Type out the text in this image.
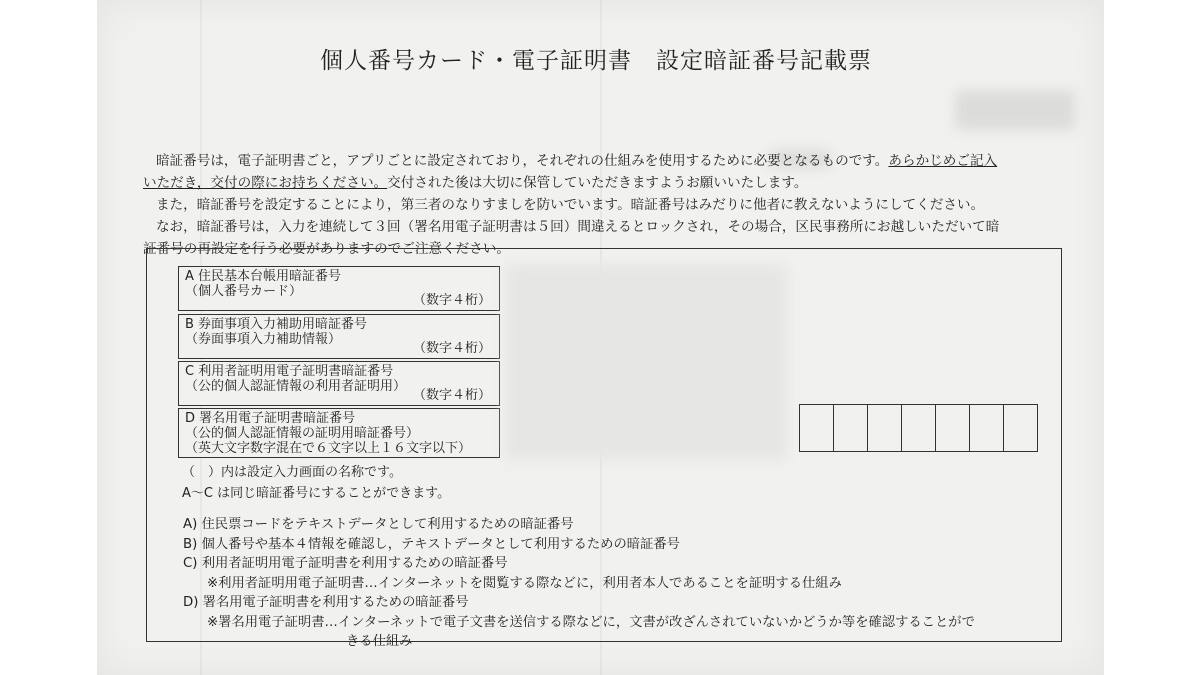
個人番号カード・電子証明書　設定暗証番号記載票

暗証番号は，電子証明書ごと，アプリごとに設定されており，それぞれの仕組みを使用するために必要となるものです。あらかじめご記入

いただき，交付の際にお持ちください。交付された後は大切に保管していただきますようお願いいたします。

また，暗証番号を設定することにより，第三者のなりすましを防いでいます。暗証番号はみだりに他者に教えないようにしてください。

なお，暗証番号は，入力を連続して３回（署名用電子証明書は５回）間違えるとロックされ，その場合，区民事務所にお越しいただいて暗

証番号の再設定を行う必要がありますのでご注意ください。

A 住民基本台帳用暗証番号
（個人番号カード）
（数字４桁）
B 券面事項入力補助用暗証番号
（券面事項入力補助情報）
（数字４桁）
C 利用者証明用電子証明書暗証番号
（公的個人認証情報の利用者証明用）
（数字４桁）
D 署名用電子証明書暗証番号
（公的個人認証情報の証明用暗証番号）
（英大文字数字混在で６文字以上１６文字以下）
（　）内は設定入力画面の名称です。
A〜C は同じ暗証番号にすることができます。
A) 住民票コードをテキストデータとして利用するための暗証番号
B) 個人番号や基本４情報を確認し，テキストデータとして利用するための暗証番号
C) 利用者証明用電子証明書を利用するための暗証番号
※利用者証明用電子証明書…インターネットを閲覧する際などに，利用者本人であることを証明する仕組み
D) 署名用電子証明書を利用するための暗証番号
※署名用電子証明書…インターネットで電子文書を送信する際などに，文書が改ざんされていないかどうか等を確認することがで
きる仕組み
